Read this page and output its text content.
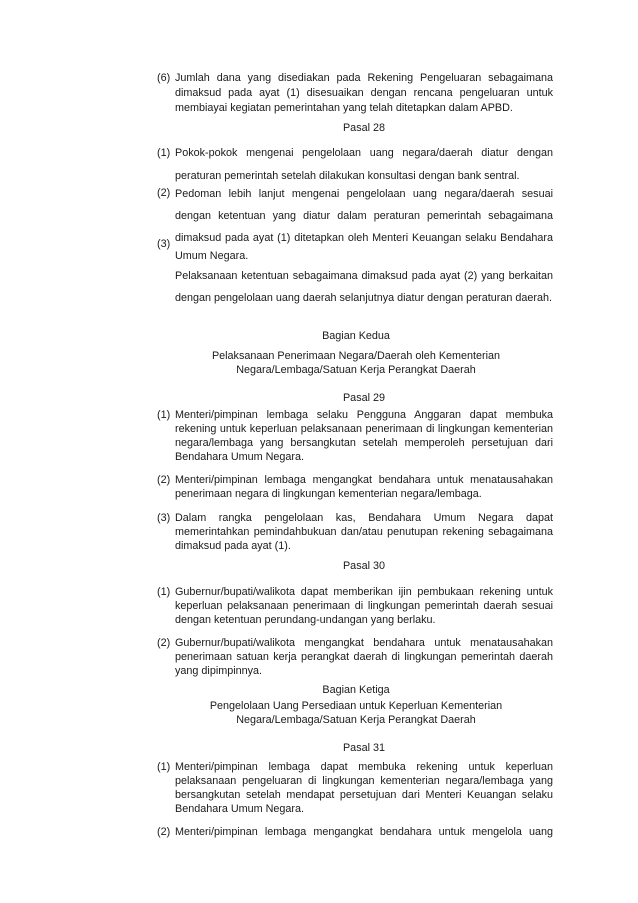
(6) Jumlah dana yang disediakan pada Rekening Pengeluaran sebagaimana
dimaksud pada ayat (1) disesuaikan dengan rencana pengeluaran untuk
membiayai kegiatan pemerintahan yang telah ditetapkan dalam APBD.
Pasal 28
(1) Pokok-pokok mengenai pengelolaan uang negara/daerah diatur dengan
peraturan pemerintah setelah dilakukan konsultasi dengan bank sentral.
(2) Pedoman lebih lanjut mengenai pengelolaan uang negara/daerah sesuai
dengan ketentuan yang diatur dalam peraturan pemerintah sebagaimana
dimaksud pada ayat (1) ditetapkan oleh Menteri Keuangan selaku Bendahara
Umum Negara.
(3)
Pelaksanaan ketentuan sebagaimana dimaksud pada ayat (2) yang berkaitan
dengan pengelolaan uang daerah selanjutnya diatur dengan peraturan daerah.
Bagian Kedua
Pelaksanaan Penerimaan Negara/Daerah oleh Kementerian
Negara/Lembaga/Satuan Kerja Perangkat Daerah
Pasal 29
(1) Menteri/pimpinan lembaga selaku Pengguna Anggaran dapat membuka
rekening untuk keperluan pelaksanaan penerimaan di lingkungan kementerian
negara/lembaga yang bersangkutan setelah memperoleh persetujuan dari
Bendahara Umum Negara.
(2) Menteri/pimpinan lembaga mengangkat bendahara untuk menatausahakan
penerimaan negara di lingkungan kementerian negara/lembaga.
(3) Dalam rangka pengelolaan kas, Bendahara Umum Negara dapat
memerintahkan pemindahbukuan dan/atau penutupan rekening sebagaimana
dimaksud pada ayat (1).
Pasal 30
(1) Gubernur/bupati/walikota dapat memberikan ijin pembukaan rekening untuk
keperluan pelaksanaan penerimaan di lingkungan pemerintah daerah sesuai
dengan ketentuan perundang-undangan yang berlaku.
(2) Gubernur/bupati/walikota mengangkat bendahara untuk menatausahakan
penerimaan satuan kerja perangkat daerah di lingkungan pemerintah daerah
yang dipimpinnya.
Bagian Ketiga
Pengelolaan Uang Persediaan untuk Keperluan Kementerian
Negara/Lembaga/Satuan Kerja Perangkat Daerah
Pasal 31
(1) Menteri/pimpinan lembaga dapat membuka rekening untuk keperluan
pelaksanaan pengeluaran di lingkungan kementerian negara/lembaga yang
bersangkutan setelah mendapat persetujuan dari Menteri Keuangan selaku
Bendahara Umum Negara.
(2) Menteri/pimpinan lembaga mengangkat bendahara untuk mengelola uang
